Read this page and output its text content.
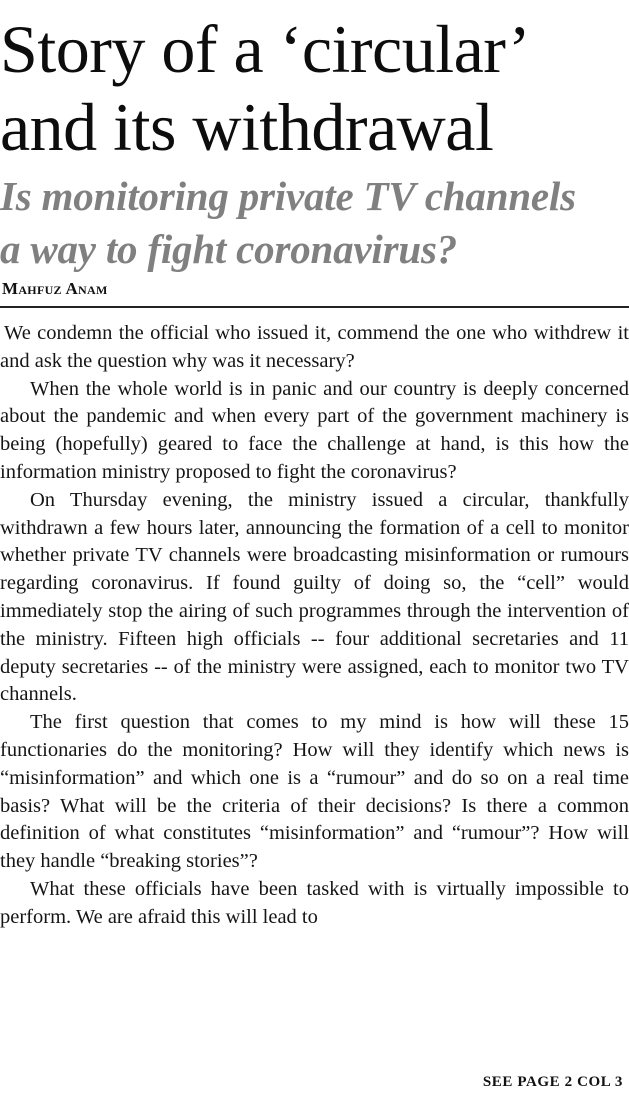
Story of a ‘circular’
and its withdrawal
Is monitoring private TV channels
a way to fight coronavirus?
Mahfuz Anam

We condemn the official who issued it, commend the one who withdrew it and ask the question why was it necessary?

When the whole world is in panic and our country is deeply concerned about the pandemic and when every part of the government machinery is being (hopefully) geared to face the challenge at hand, is this how the information ministry proposed to fight the coronavirus?

On Thursday evening, the ministry issued a circular, thankfully withdrawn a few hours later, announcing the formation of a cell to monitor whether private TV channels were broadcasting misinformation or rumours regarding coronavirus. If found guilty of doing so, the “cell” would immediately stop the airing of such programmes through the intervention of the ministry. Fifteen high officials -- four additional secretaries and 11 deputy secretaries -- of the ministry were assigned, each to monitor two TV channels.

The first question that comes to my mind is how will these 15 functionaries do the monitoring? How will they identify which news is “misinformation” and which one is a “rumour” and do so on a real time basis? What will be the criteria of their decisions? Is there a common definition of what constitutes “misinformation” and “rumour”? How will they handle “breaking stories”?

What these officials have been tasked with is virtually impossible to perform. We are afraid this will lead to

SEE PAGE 2 COL 3
